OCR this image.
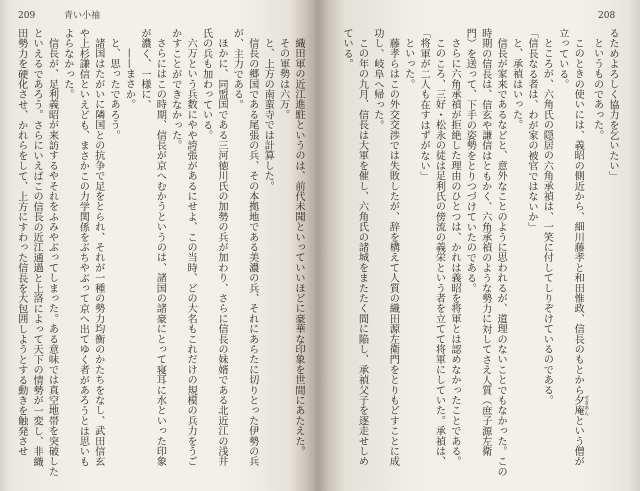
209	青い小袖	208
織田軍の近江進駐というのは、前代未聞といっていいほどに豪華な印象を世間にあたえた。
その軍勢は六万。
と、上方の南蛮寺では計算した。
信長の郷国である尾張の兵、その本拠地である美濃の兵、それにあらたに切りとった伊勢の兵
が、主力である。
ほかに、同盟国である三河徳川氏の加勢の兵が加わり、さらに信長の妹婿である北近江の浅井
氏の兵も加わっている。
六万という兵数にやや誇張があるにせよ、この当時、どの大名もこれだけの規模の兵力をうご
かすことができなかった。
さらにはこの時期、信長が京へむかうというのは、諸国の諸豪にとって寝耳に水といった印象
が濃く、一様に、
——まさか。
と、思ったであろう。
諸国はたがいに隣国との抗争で足をとられ、それが一種の勢力均衡のかたちをなし、武田信玄
や上杉謙信といえども、まさかこの力学関係をぶちやぶって京へ出てゆく者があろうとは思いも
よらなかった。
信長が、足利義昭が来訪するやそれをふみやぶってしまった。ある意味では真空地帯を突破した
といえるであろう。さらにいえばこの信長の近江通過と上洛によって天下の情勢が一変し、非織
田勢力を硬化させ、かれらをして、上方にすわった信長を大包囲しようとする動きを触発させ	るためよろしく協力を乞いたい」
というものであった。
このときの使いには、義昭の側近から、細川藤孝と和田惟政、信長のもとから夕庵 せきあんという僧が
立っている。
ところが、六角氏の隠居の六角承禎は、一笑に付してしりぞけているのである。
「信長なる者は、わが家の被官ではないか」
と、承禎はいった。
信長が家来であるなどと、意外なことのように思われるが、道理のないことでもなかった。この
時期の信長は、信玄や謙信はともかく、六角承禎のような勢力に対してさえ人質（庶子源左衛
門）を送って、下手の姿勢をとりつづけていたのである。
さらに六角承禎が拒絶した理由のひとつは、かれは義昭を将軍とは認めなかったことである。
このころ、三好・松永の徒は足利氏の傍流の義栄という者を立てて将軍にしていた。承禎は、
「将軍が二人も在すはずがない」
といった。
藤孝らはこの外交交渉では失敗したが、辞を構えて人質の織田源左衛門をとりもどすことに成
功し、岐阜へ帰った。
この年の九月、信長は大軍を催し、六角氏の諸城をまたたく間に陥し、承禎父子を逐走せしめ
ている。
